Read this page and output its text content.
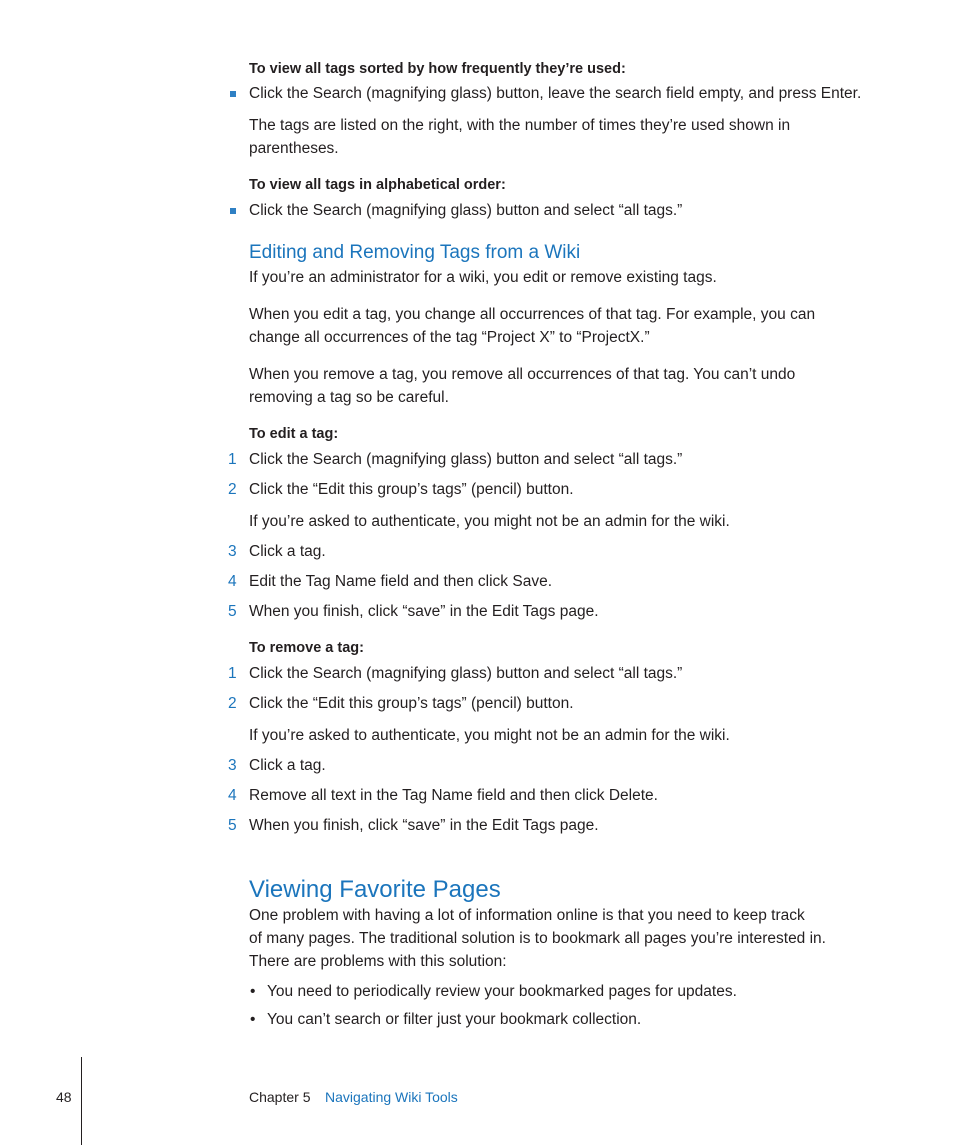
To view all tags sorted by how frequently they’re used:
Click the Search (magnifying glass) button, leave the search field empty, and press Enter.
The tags are listed on the right, with the number of times they’re used shown in
parentheses.
To view all tags in alphabetical order:
Click the Search (magnifying glass) button and select “all tags.”
Editing and Removing Tags from a Wiki
If you’re an administrator for a wiki, you edit or remove existing tags.
When you edit a tag, you change all occurrences of that tag. For example, you can
change all occurrences of the tag “Project X” to “ProjectX.”
When you remove a tag, you remove all occurrences of that tag. You can’t undo
removing a tag so be careful.
To edit a tag:
1 Click the Search (magnifying glass) button and select “all tags.”
2 Click the “Edit this group’s tags” (pencil) button.
If you’re asked to authenticate, you might not be an admin for the wiki.
3 Click a tag.
4 Edit the Tag Name field and then click Save.
5 When you finish, click “save” in the Edit Tags page.
To remove a tag:
1 Click the Search (magnifying glass) button and select “all tags.”
2 Click the “Edit this group’s tags” (pencil) button.
If you’re asked to authenticate, you might not be an admin for the wiki.
3 Click a tag.
4 Remove all text in the Tag Name field and then click Delete.
5 When you finish, click “save” in the Edit Tags page.
Viewing Favorite Pages
One problem with having a lot of information online is that you need to keep track
of many pages. The traditional solution is to bookmark all pages you’re interested in.
There are problems with this solution:
• You need to periodically review your bookmarked pages for updates.
• You can’t search or filter just your bookmark collection.
48	Chapter 5 Navigating Wiki Tools
